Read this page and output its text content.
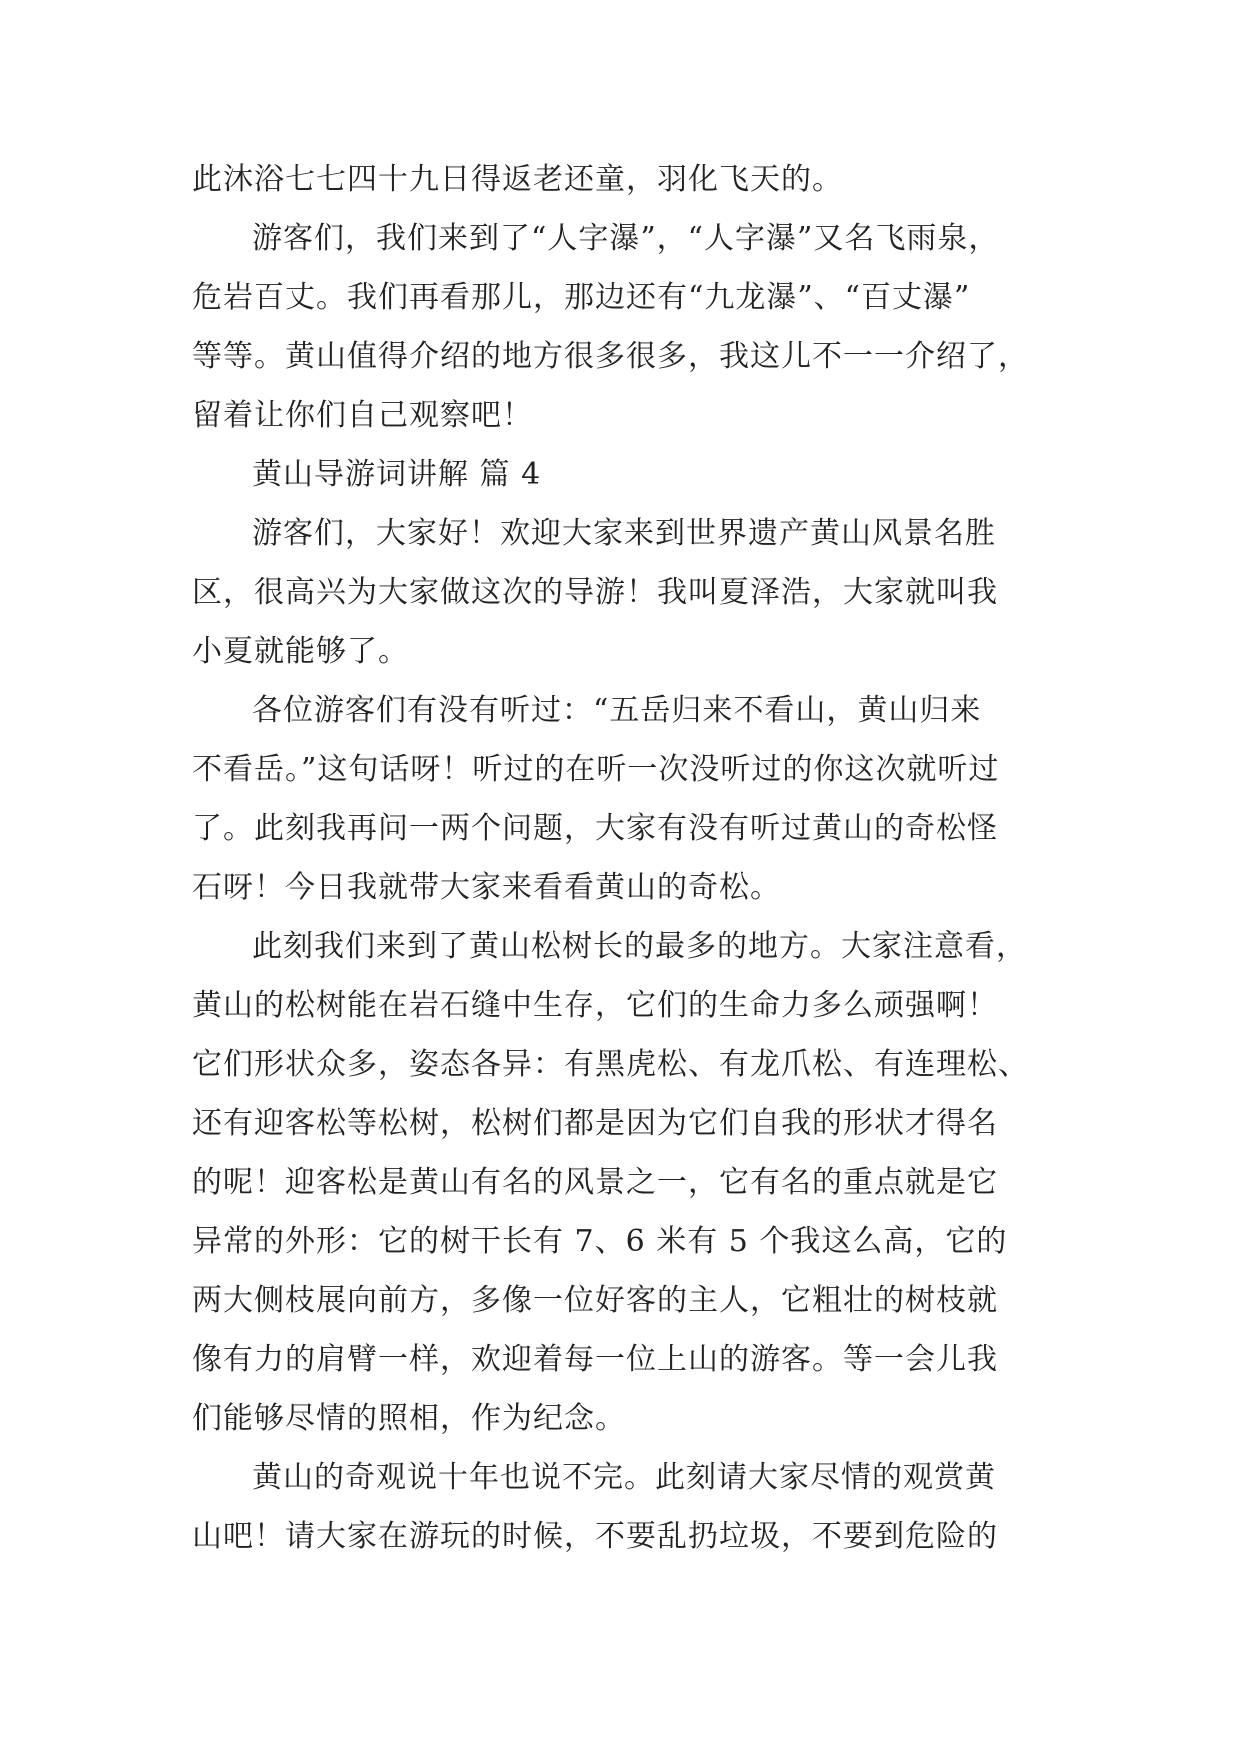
此沐浴七七四十九日得返老还童，羽化飞天的。
游客们，我们来到了“人字瀑”，“人字瀑”又名飞雨泉，
危岩百丈。我们再看那儿，那边还有“九龙瀑”、“百丈瀑”
等等。黄山值得介绍的地方很多很多，我这儿不一一介绍了，
留着让你们自己观察吧！
黄山导游词讲解 篇 4
游客们，大家好！欢迎大家来到世界遗产黄山风景名胜
区，很高兴为大家做这次的导游！我叫夏泽浩，大家就叫我
小夏就能够了。
各位游客们有没有听过：“五岳归来不看山，黄山归来
不看岳。”这句话呀！听过的在听一次没听过的你这次就听过
了。此刻我再问一两个问题，大家有没有听过黄山的奇松怪
石呀！今日我就带大家来看看黄山的奇松。
此刻我们来到了黄山松树长的最多的地方。大家注意看，
黄山的松树能在岩石缝中生存，它们的生命力多么顽强啊！
它们形状众多，姿态各异：有黑虎松、有龙爪松、有连理松、
还有迎客松等松树，松树们都是因为它们自我的形状才得名
的呢！迎客松是黄山有名的风景之一，它有名的重点就是它
异常的外形：它的树干长有 7、6 米有 5 个我这么高，它的
两大侧枝展向前方，多像一位好客的主人，它粗壮的树枝就
像有力的肩臂一样，欢迎着每一位上山的游客。等一会儿我
们能够尽情的照相，作为纪念。
黄山的奇观说十年也说不完。此刻请大家尽情的观赏黄
山吧！请大家在游玩的时候，不要乱扔垃圾，不要到危险的
